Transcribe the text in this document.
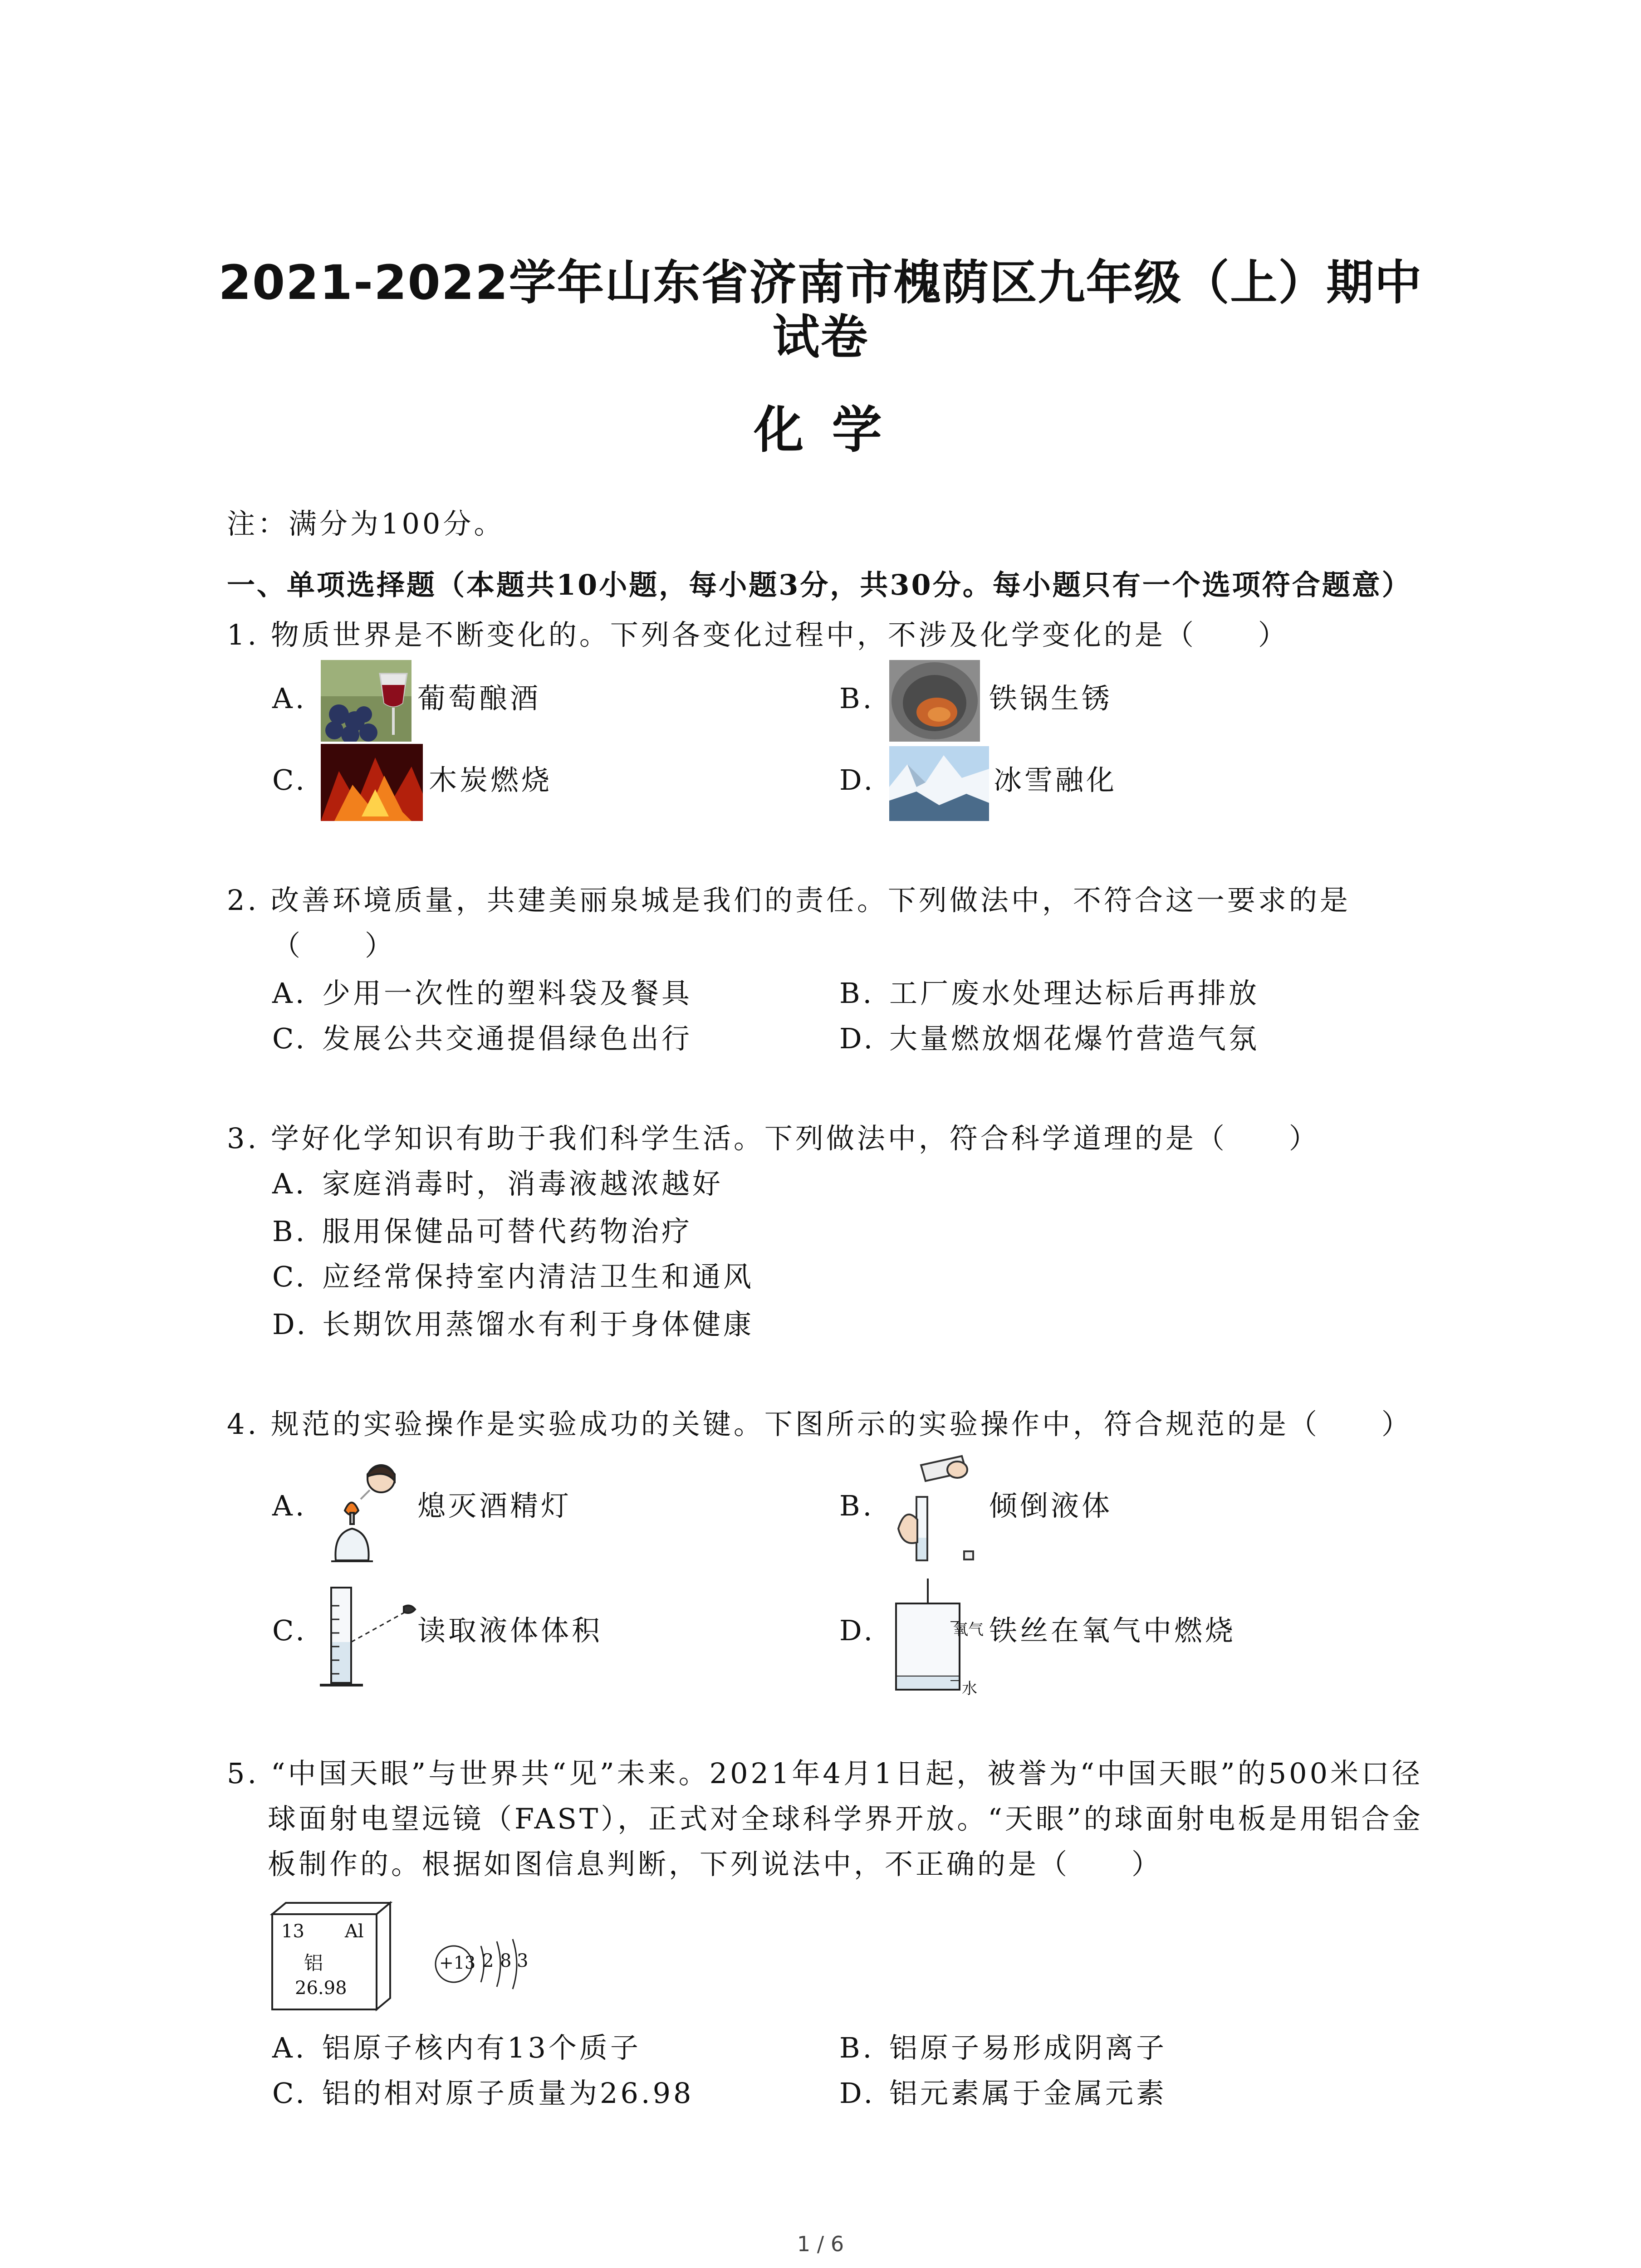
2021-2022学年山东省济南市槐荫区九年级（上）期中
试卷
化 学
注：满分为100分。
一、单项选择题（本题共10小题，每小题3分，共30分。每小题只有一个选项符合题意）
1. 物质世界是不断变化的。下列各变化过程中，不涉及化学变化的是（　　）
A.	葡萄酿酒	B.	铁锅生锈
C.	木炭燃烧	D.	冰雪融化
2. 改善环境质量，共建美丽泉城是我们的责任。下列做法中，不符合这一要求的是
（　　）
A. 少用一次性的塑料袋及餐具	B. 工厂废水处理达标后再排放
C. 发展公共交通提倡绿色出行	D. 大量燃放烟花爆竹营造气氛
3. 学好化学知识有助于我们科学生活。下列做法中，符合科学道理的是（　　）
A. 家庭消毒时，消毒液越浓越好
B. 服用保健品可替代药物治疗
C. 应经常保持室内清洁卫生和通风
D. 长期饮用蒸馏水有利于身体健康
4. 规范的实验操作是实验成功的关键。下图所示的实验操作中，符合规范的是（　　）
A.	熄灭酒精灯	B.	倾倒液体
C.	读取液体体积	D.	氧气
水
铁丝在氧气中燃烧
5. “中国天眼”与世界共“见”未来。2021年4月1日起，被誉为“中国天眼”的500米口径
球面射电望远镜（FAST），正式对全球科学界开放。“天眼”的球面射电板是用铝合金
板制作的。根据如图信息判断，下列说法中，不正确的是（　　）
13 Al
铝
26.98
+13 2 8 3
A. 铝原子核内有13个质子	B. 铝原子易形成阴离子
C. 铝的相对原子质量为26.98	D. 铝元素属于金属元素
1 / 6
